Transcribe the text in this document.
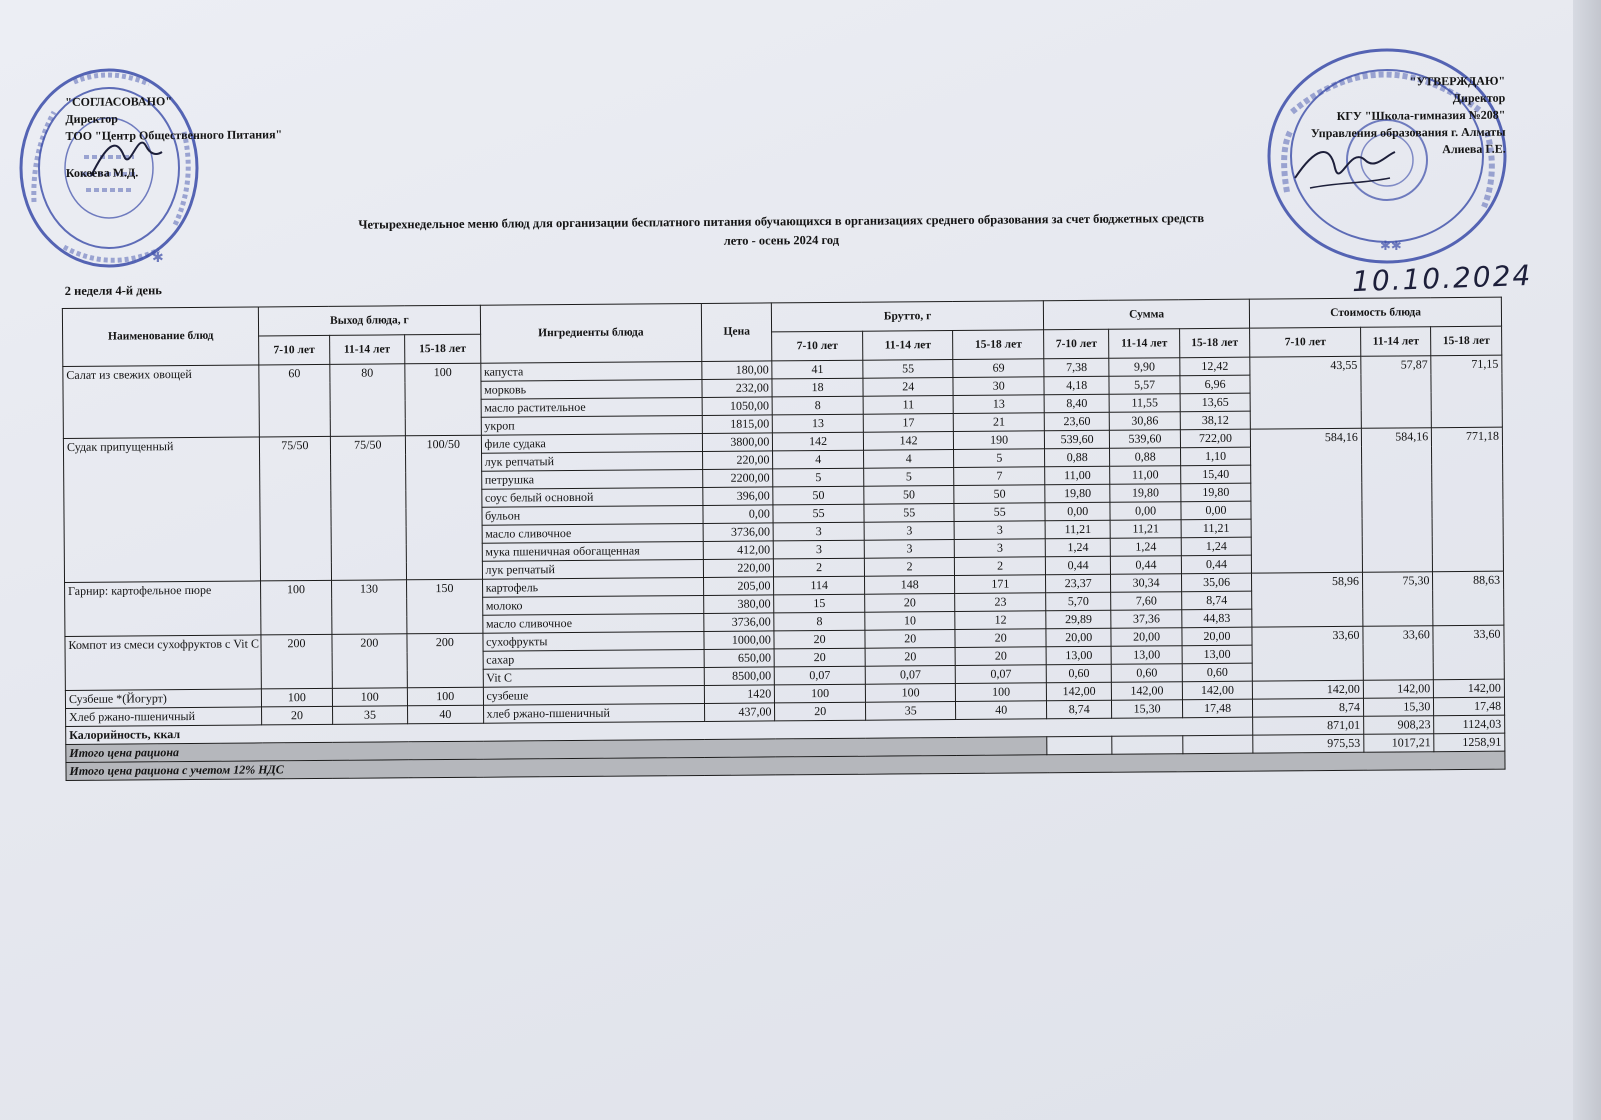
✱
✱✱
"СОГЛАСОВАНО"
Директор
ТОО "Центр Общественного Питания"
Кокеева М.Д.
"УТВЕРЖДАЮ"
Директор
КГУ "Школа-гимназия №208"
Управления образования г. Алматы
Алиева Г.Е.
Четырехнедельное меню блюд для организации бесплатного питания обучающихся в организациях среднего образования за счет бюджетных средств
лето - осень 2024 год
2 неделя 4-й день
Наименование блюд	Выход блюда, г			Ингредиенты блюда	Цена	Брутто, г			Сумма			Стоимость блюда		
	7-10 лет	11-14 лет	15-18 лет			7-10 лет	11-14 лет	15-18 лет	7-10 лет	11-14 лет	15-18 лет	7-10 лет	11-14 лет	15-18 лет
Салат из свежих овощей	60	80	100	капуста	180,00	41	55	69	7,38	9,90	12,42	43,55	57,87	71,15
				морковь	232,00	18	24	30	4,18	5,57	6,96			
				масло растительное	1050,00	8	11	13	8,40	11,55	13,65			
				укроп	1815,00	13	17	21	23,60	30,86	38,12			
Судак припущенный	75/50	75/50	100/50	филе судака	3800,00	142	142	190	539,60	539,60	722,00	584,16	584,16	771,18
				лук репчатый	220,00	4	4	5	0,88	0,88	1,10			
				петрушка	2200,00	5	5	7	11,00	11,00	15,40			
				соус белый основной	396,00	50	50	50	19,80	19,80	19,80			
				бульон	0,00	55	55	55	0,00	0,00	0,00			
				масло сливочное	3736,00	3	3	3	11,21	11,21	11,21			
				мука пшеничная обогащенная	412,00	3	3	3	1,24	1,24	1,24			
				лук репчатый	220,00	2	2	2	0,44	0,44	0,44			
Гарнир: картофельное пюре	100	130	150	картофель	205,00	114	148	171	23,37	30,34	35,06	58,96	75,30	88,63
				молоко	380,00	15	20	23	5,70	7,60	8,74			
				масло сливочное	3736,00	8	10	12	29,89	37,36	44,83			
Компот из смеси сухофруктов с Vit C	200	200	200	сухофрукты	1000,00	20	20	20	20,00	20,00	20,00	33,60	33,60	33,60
				сахар	650,00	20	20	20	13,00	13,00	13,00			
				Vit C	8500,00	0,07	0,07	0,07	0,60	0,60	0,60			
Сузбеше *(Йогурт)	100	100	100	сузбеше	1420	100	100	100	142,00	142,00	142,00	142,00	142,00	142,00
Хлеб ржано-пшеничный	20	35	40	хлеб ржано-пшеничный	437,00	20	35	40	8,74	15,30	17,48	8,74	15,30	17,48
Калорийность, ккал												871,01	908,23	1124,03
Итого цена рациона												975,53	1017,21	1258,91
Итого цена рациона с учетом 12% НДС														
10.10.2024
